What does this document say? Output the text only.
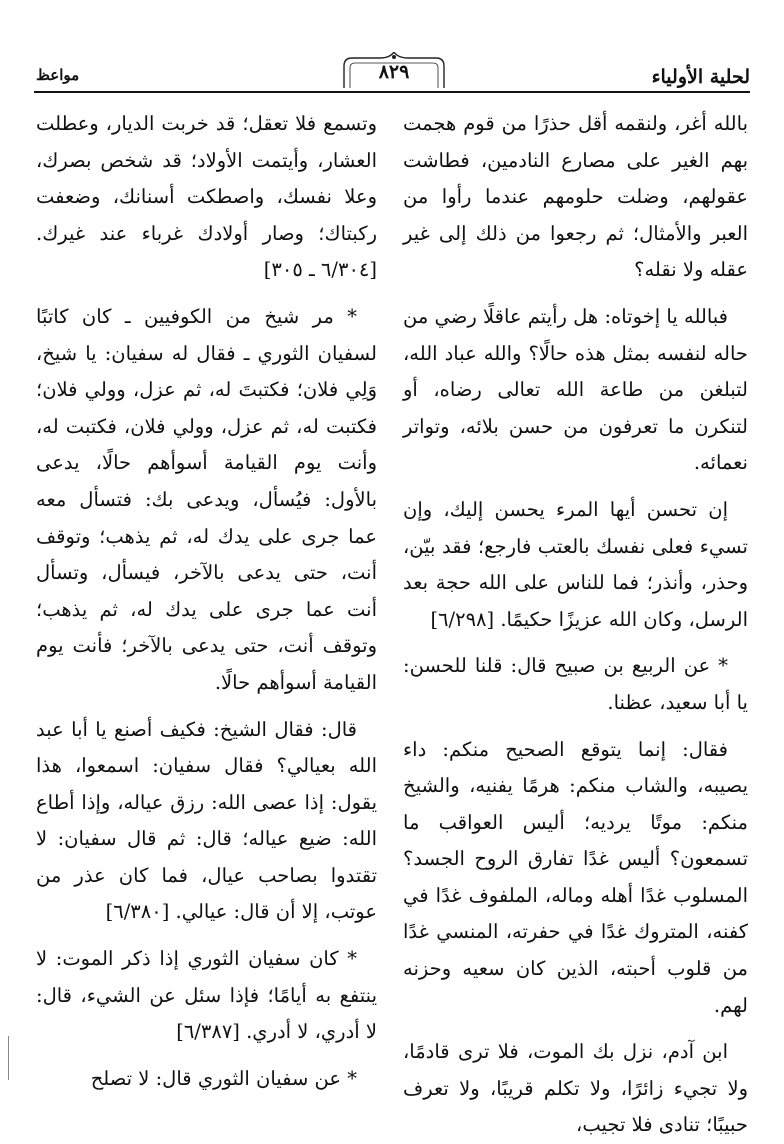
لحلية الأولياء
٨٢٩
مواعظ

بالله أغر، ولنقمه أقل حذرًا من قوم هجمت بهم الغير على مصارع النادمين، فطاشت عقولهم، وضلت حلومهم عندما رأوا من العبر والأمثال؛ ثم رجعوا من ذلك إلى غير عقله ولا نقله؟

فبالله يا إخوتاه: هل رأيتم عاقلًا رضي من حاله لنفسه بمثل هذه حالًا؟ والله عباد الله، لتبلغن من طاعة الله تعالى رضاه، أو لتنكرن ما تعرفون من حسن بلائه، وتواتر نعمائه.

إن تحسن أيها المرء يحسن إليك، وإن تسيء فعلى نفسك بالعتب فارجع؛ فقد بيّن، وحذر، وأنذر؛ فما للناس على الله حجة بعد الرسل، وكان الله عزيزًا حكيمًا. [٦/٢٩٨]

* عن الربيع بن صبيح قال: قلنا للحسن: يا أبا سعيد، عظنا.

فقال: إنما يتوقع الصحيح منكم: داء يصيبه، والشاب منكم: هرمًا يفنيه، والشيخ منكم: موتًا يرديه؛ أليس العواقب ما تسمعون؟ أليس غدًا تفارق الروح الجسد؟ المسلوب غدًا أهله وماله، الملفوف غدًا في كفنه، المتروك غدًا في حفرته، المنسي غدًا من قلوب أحبته، الذين كان سعيه وحزنه لهم.

ابن آدم، نزل بك الموت، فلا ترى قادمًا، ولا تجيء زائرًا، ولا تكلم قريبًا، ولا تعرف حبيبًا؛ تنادى فلا تجيب،

وتسمع فلا تعقل؛ قد خربت الديار، وعطلت العشار، وأيتمت الأولاد؛ قد شخص بصرك، وعلا نفسك، واصطكت أسنانك، وضعفت ركبتاك؛ وصار أولادك غرباء عند غيرك. [٦/٣٠٤ ـ ٣٠٥]

* مر شيخ من الكوفيين ـ كان كاتبًا لسفيان الثوري ـ فقال له سفيان: يا شيخ، وَلِي فلان؛ فكتبتَ له، ثم عزل، وولي فلان؛ فكتبت له، ثم عزل، وولي فلان، فكتبت له، وأنت يوم القيامة أسوأهم حالًا، يدعى بالأول: فيُسأل، ويدعى بك: فتسأل معه عما جرى على يدك له، ثم يذهب؛ وتوقف أنت، حتى يدعى بالآخر، فيسأل، وتسأل أنت عما جرى على يدك له، ثم يذهب؛ وتوقف أنت، حتى يدعى بالآخر؛ فأنت يوم القيامة أسوأهم حالًا.

قال: فقال الشيخ: فكيف أصنع يا أبا عبد الله بعيالي؟ فقال سفيان: اسمعوا، هذا يقول: إذا عصى الله: رزق عياله، وإذا أطاع الله: ضيع عياله؛ قال: ثم قال سفيان: لا تقتدوا بصاحب عيال، فما كان عذر من عوتب، إلا أن قال: عيالي. [٦/٣٨٠]

* كان سفيان الثوري إذا ذكر الموت: لا ينتفع به أيامًا؛ فإذا سئل عن الشيء، قال: لا أدري، لا أدري. [٦/٣٨٧]

* عن سفيان الثوري قال: لا تصلح
